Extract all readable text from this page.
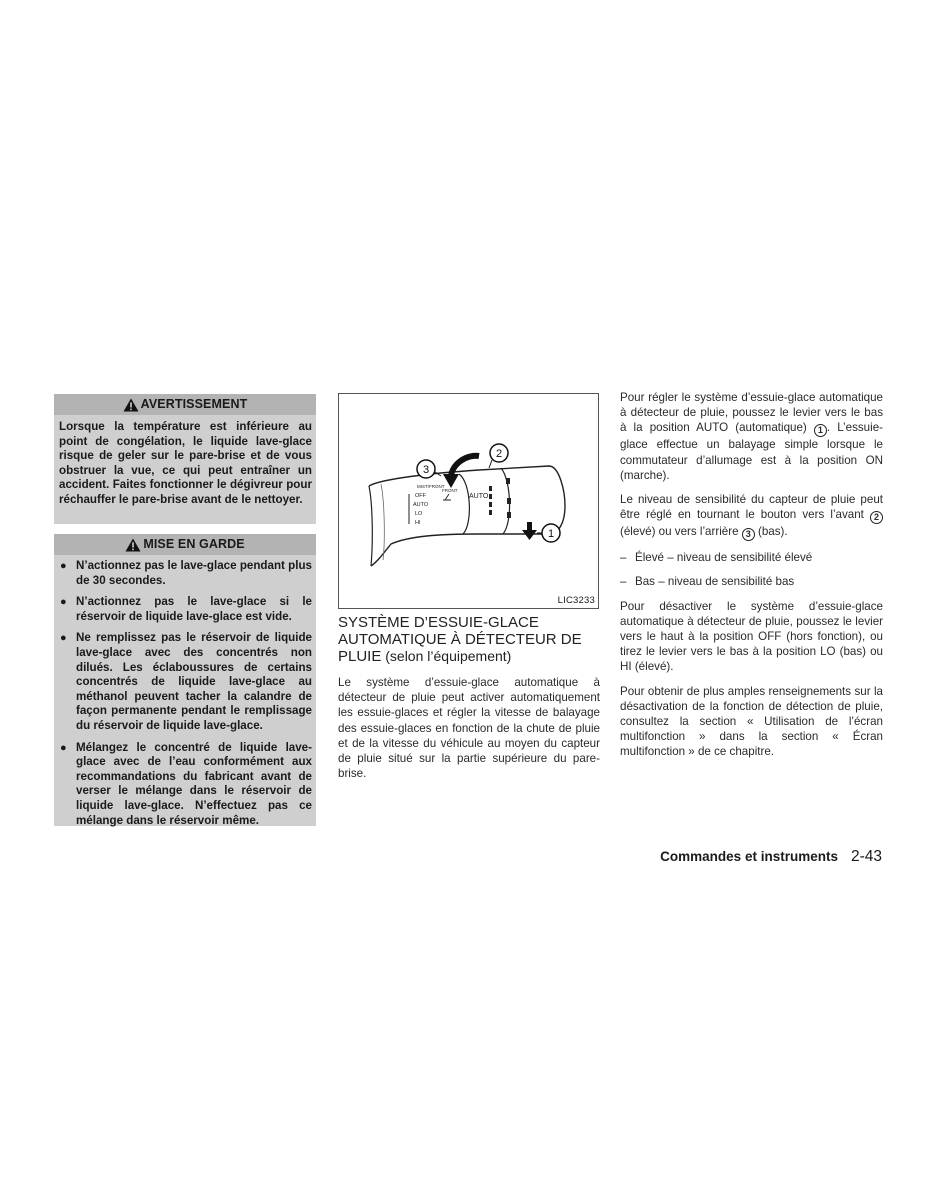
AVERTISSEMENT
Lorsque la température est inférieure au point de congélation, le liquide lave-glace risque de geler sur le pare-brise et de vous obstruer la vue, ce qui peut entraîner un accident. Faites fonctionner le dégivreur pour réchauffer le pare-brise avant de le nettoyer.
MISE EN GARDE
● N’actionnez pas le lave-glace pendant plus de 30 secondes.
● N’actionnez pas le lave-glace si le réservoir de liquide lave-glace est vide.
● Ne remplissez pas le réservoir de liquide lave-glace avec des concentrés non dilués. Les éclaboussures de certains concentrés de liquide lave-glace au méthanol peuvent tacher la calandre de façon permanente pendant le remplissage du réservoir de liquide lave-glace.
● Mélangez le concentré de liquide lave-glace avec de l’eau conformément aux recommandations du fabricant avant de verser le mélange dans le réservoir de liquide lave-glace. N’effectuez pas ce mélange dans le réservoir même.
MIST/FRONT
OFF
AUTO
LO
HI
FRONT
AUTO
1
2
3
LIC3233
SYSTÈME D’ESSUIE-GLACE
AUTOMATIQUE À DÉTECTEUR DE
PLUIE (selon l’équipement)
Le système d’essuie-glace automatique à détecteur de pluie peut activer automatiquement les essuie-glaces et régler la vitesse de balayage des essuie-glaces en fonction de la chute de pluie et de la vitesse du véhicule au moyen du capteur de pluie situé sur la partie supérieure du pare-brise.

Pour régler le système d’essuie-glace automatique à détecteur de pluie, poussez le levier vers le bas à la position AUTO (automatique) 1 . L’essuie-glace effectue un balayage simple lorsque le commutateur d’allumage est à la position ON (marche).

Le niveau de sensibilité du capteur de pluie peut être réglé en tournant le bouton vers l’avant 2 (élevé) ou vers l’arrière 3 (bas).

– Élevé – niveau de sensibilité élevé
– Bas – niveau de sensibilité bas

Pour désactiver le système d’essuie-glace automatique à détecteur de pluie, poussez le levier vers le haut à la position OFF (hors fonction), ou tirez le levier vers le bas à la position LO (bas) ou HI (élevé).

Pour obtenir de plus amples renseignements sur la désactivation de la fonction de détection de pluie, consultez la section « Utilisation de l’écran multifonction » dans la section « Écran multifonction » de ce chapitre.

Commandes et instruments 2-43
